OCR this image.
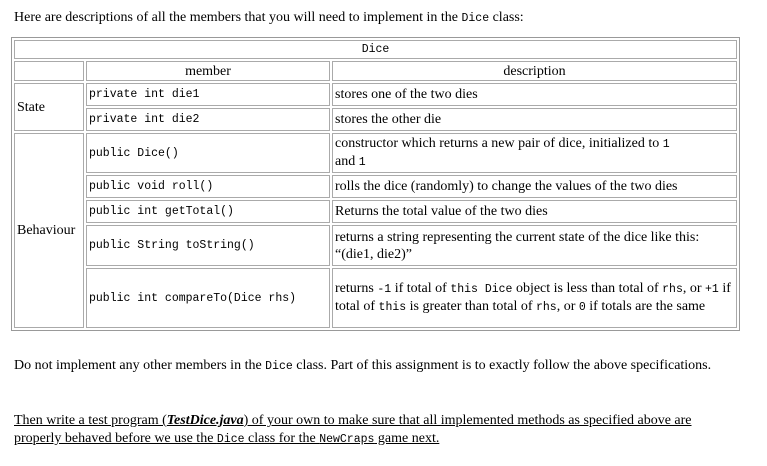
Here are descriptions of all the members that you will need to implement in the Dice class:
Dice		
	member	description
State	private int die1	stores one of the two dies
	private int die2	stores the other die
Behaviour	public Dice()	constructor which returns a new pair of dice, initialized to 1
and 1
	public void roll()	rolls the dice (randomly) to change the values of the two dies
	public int getTotal()	Returns the total value of the two dies
	public String toString()	returns a string representing the current state of the dice like this: “(die1, die2)”
	public int compareTo(Dice rhs)	returns -1 if total of this Dice object is less than total of rhs, or +1 if total of this is greater than total of rhs, or 0 if totals are the same
Do not implement any other members in the Dice class. Part of this assignment is to exactly follow the above specifications.
Then write a test program (TestDice.java) of your own to make sure that all implemented methods as specified above are properly behaved before we use the Dice class for the NewCraps game next.
